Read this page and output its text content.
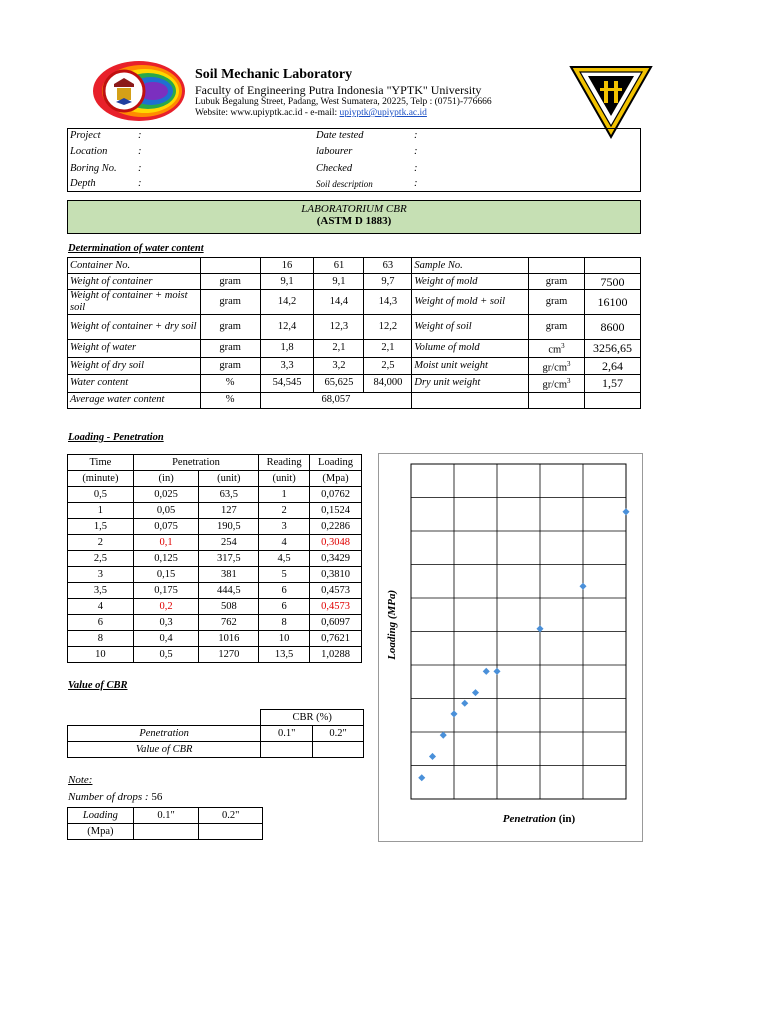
Soil Mechanic Laboratory
Faculty of Engineering Putra Indonesia "YPTK" University
Lubuk Begalung Street, Padang, West Sumatera, 20225, Telp : (0751)-776666
Website: www.upiyptk.ac.id - e-mail: upiyptk@upiyptk.ac.id
Project	:
Location	:
Boring No. :
Depth	:
Date tested	:
labourer	:
Checked	:
Soil description	:
LABORATORIUM CBR
(ASTM D 1883)
Determination of water content
Container No.		16	61	63	Sample No.		
Weight of container	gram	9,1	9,1	9,7	Weight of mold	gram	7500
Weight of container + moist soil	gram	14,2	14,4	14,3	Weight of mold + soil	gram	16100
Weight of container + dry soil	gram	12,4	12,3	12,2	Weight of soil	gram	8600
Weight of water	gram	1,8	2,1	2,1	Volume of mold	$cm^3$	3256,65
Weight of dry soil	gram	3,3	3,2	2,5	Moist unit weight	$gr/cm^3$	2,64
Water content	%	54,545	65,625	84,000	Dry unit weight	$gr/cm^3$	1,57
Average water content	%	68,057					
Loading - Penetration
Time	Penetration		Reading	Loading
(minute)	(in)	(unit)	(unit)	(Mpa)
0,5	0,025	63,5	1	0,0762
1	0,05	127	2	0,1524
1,5	0,075	190,5	3	0,2286
2	0,1	254	4	0,3048
2,5	0,125	317,5	4,5	0,3429
3	0,15	381	5	0,3810
3,5	0,175	444,5	6	0,4573
4	0,2	508	6	0,4573
6	0,3	762	8	0,6097
8	0,4	1016	10	0,7621
10	0,5	1270	13,5	1,0288
Value of CBR
	CBR (%)	
Penetration	0.1"	0.2"
Value of CBR		
Note:
Number of drops : 56
Loading	0.1"	0.2"
(Mpa)		
Loading (MPa)
Penetration (in)
